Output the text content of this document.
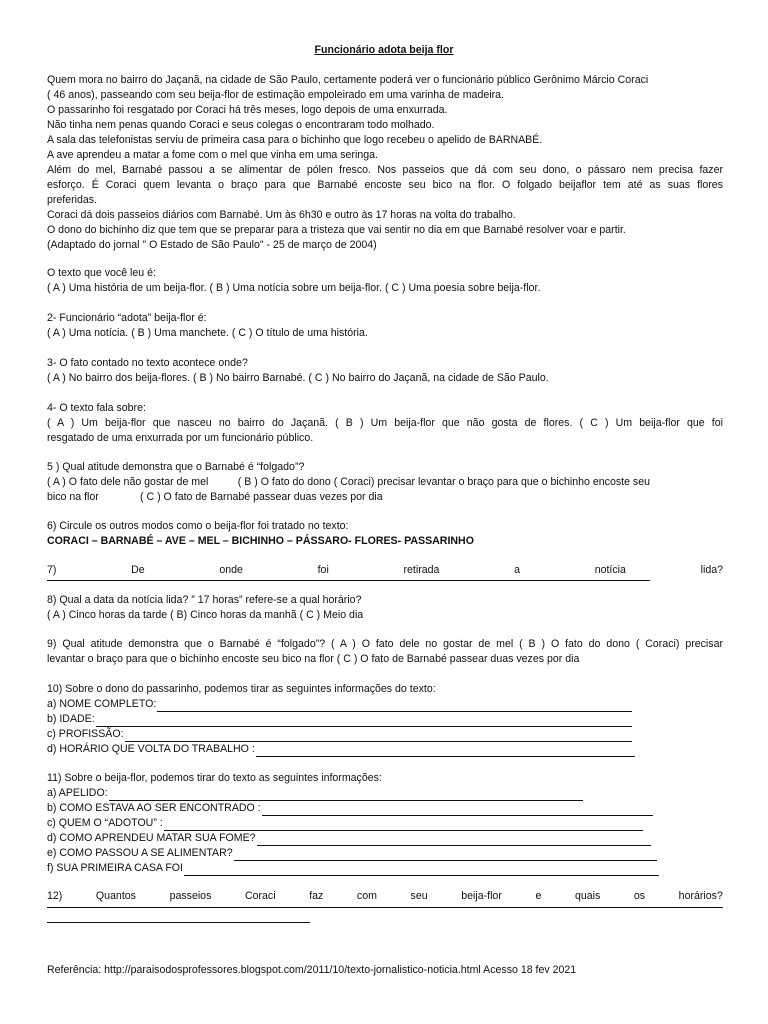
Funcionário adota beija flor
Quem mora no bairro do Jaçanã, na cidade de São Paulo, certamente poderá ver o funcionário público Gerônimo Márcio Coraci
( 46 anos), passeando com seu beija-flor de estimação empoleirado em uma varinha de madeira.
O passarinho foi resgatado por Coraci há três meses, logo depois de uma enxurrada.
Não tinha nem penas quando Coraci e seus colegas o encontraram todo molhado.
A sala das telefonistas serviu de primeira casa para o bichinho que logo recebeu o apelido de BARNABÉ.
A ave aprendeu a matar a fome com o mel que vinha em uma seringa.
Além do mel, Barnabé passou a se alimentar de pólen fresco. Nos passeios que dá com seu dono, o pássaro nem precisa fazer
esforço. É Coraci quem levanta o braço para que Barnabé encoste seu bico na flor. O folgado beijaflor tem até as suas flores
preferidas.
Coraci dá dois passeios diários com Barnabé. Um às 6h30 e outro às 17 horas na volta do trabalho.
O dono do bichinho diz que tem que se preparar para a tristeza que vai sentir no dia em que Barnabé resolver voar e partir.
(Adaptado do jornal " O Estado de São Paulo" - 25 de março de 2004)
O texto que você leu é:
( A ) Uma história de um beija-flor. ( B ) Uma notícia sobre um beija-flor. ( C ) Uma poesia sobre beija-flor.
2- Funcionário “adota” beija-flor é:
( A ) Uma notícia. ( B ) Uma manchete. ( C ) O título de uma história.
3- O fato contado no texto acontece onde?
( A ) No bairro dos beija-flores. ( B ) No bairro Barnabé. ( C ) No bairro do Jaçanã, na cidade de São Paulo.
4- O texto fala sobre:
( A ) Um beija-flor que nasceu no bairro do Jaçanã. ( B ) Um beija-flor que não gosta de flores. ( C ) Um beija-flor que foi
resgatado de uma enxurrada por um funcionário público.
5 ) Qual atitude demonstra que o Barnabé é “folgado”?
( A ) O fato dele não gostar de mel          ( B ) O fato do dono ( Coraci) precisar levantar o braço para que o bichinho encoste seu
bico na flor              ( C ) O fato de Barnabé passear duas vezes por dia
6) Circule os outros modos como o beija-flor foi tratado no texto:
CORACI – BARNABÉ – AVE – MEL – BICHINHO – PÁSSARO- FLORES- PASSARINHO
7)	De	onde	foi	retirada	a	notícia	lida?
8) Qual a data da notícia lida? ” 17 horas” refere-se a qual horário?
( A ) Cinco horas da tarde ( B) Cinco horas da manhã ( C ) Meio dia
9) Qual atitude demonstra que o Barnabé é “folgado”? ( A ) O fato dele no gostar de mel ( B ) O fato do dono ( Coraci) precisar
levantar o braço para que o bichinho encoste seu bico na flor ( C ) O fato de Barnabé passear duas vezes por dia
10) Sobre o dono do passarinho, podemos tirar as seguintes informações do texto:
a) NOME COMPLETO:
b) IDADE:
c) PROFISSÃO:
d) HORÁRIO QUE VOLTA DO TRABALHO :
11) Sobre o beija-flor, podemos tirar do texto as seguintes informações:
a) APELIDO:
b) COMO ESTAVA AO SER ENCONTRADO :
c) QUEM O “ADOTOU” :
d) COMO APRENDEU MATAR SUA FOME?
e) COMO PASSOU A SE ALIMENTAR?
f) SUA PRIMEIRA CASA FOI
12)	Quantos	passeios	Coraci	faz	com	seu	beija-flor	e	quais	os	horários?
Referência: http://paraisodosprofessores.blogspot.com/2011/10/texto-jornalistico-noticia.html Acesso 18 fev 2021
